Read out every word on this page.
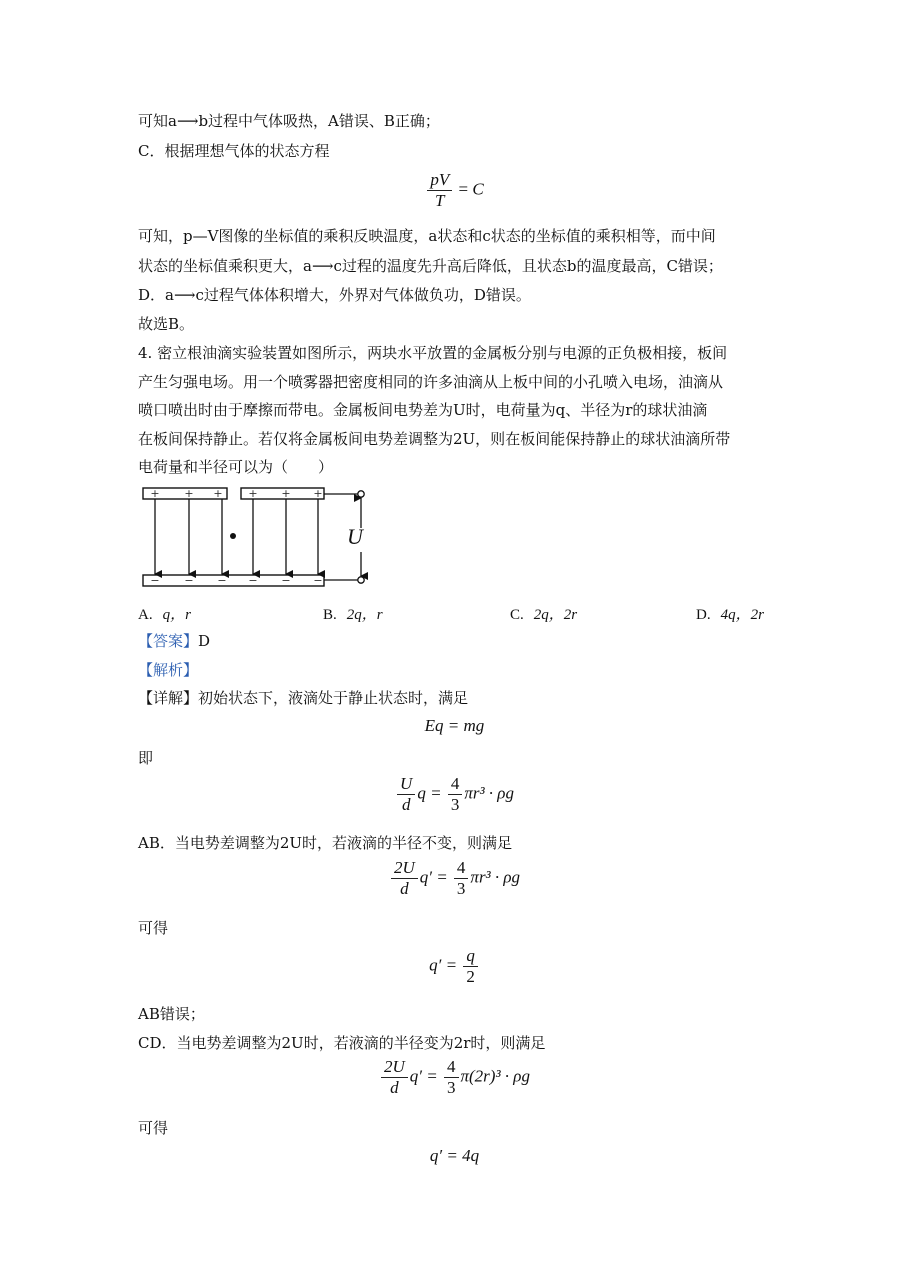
可知a⟶b过程中气体吸热，A错误、B正确；
C．根据理想气体的状态方程
$\frac{pV}{T} = C$
可知，p—V图像的坐标值的乘积反映温度，a状态和c状态的坐标值的乘积相等，而中间
状态的坐标值乘积更大，a⟶c过程的温度先升高后降低，且状态b的温度最高，C错误；
D．a⟶c过程气体体积增大，外界对气体做负功，D错误。
故选B。
4. 密立根油滴实验装置如图所示，两块水平放置的金属板分别与电源的正负极相接，板间
产生匀强电场。用一个喷雾器把密度相同的许多油滴从上板中间的小孔喷入电场，油滴从
喷口喷出时由于摩擦而带电。金属板间电势差为U时，电荷量为q、半径为r的球状油滴
在板间保持静止。若仅将金属板间电势差调整为2U，则在板间能保持静止的球状油滴所带
电荷量和半径可以为（　　）
+ + + + + +
− − − − − −
U
A. q，r	B. 2q，r	C. 2q，2r	D. 4q，2r
【答案】D
【解析】
【详解】初始状态下，液滴处于静止状态时，满足
Eq = mg
即
$\frac{U}{d}$ $q = \frac{4}{3} \pi r^3 \cdot \rho g$
AB．当电势差调整为2U时，若液滴的半径不变，则满足
$\frac{2U}{d} q' = \frac{4}{3} \pi r^3 \cdot \rho g$
可得
$q' = \frac{q}{2}$
AB错误；
CD．当电势差调整为2U时，若液滴的半径变为2r时，则满足
$\frac{2U}{d} q' = \frac{4}{3} \pi(2r)^3 \cdot \rho g$
可得
q′ = 4q
